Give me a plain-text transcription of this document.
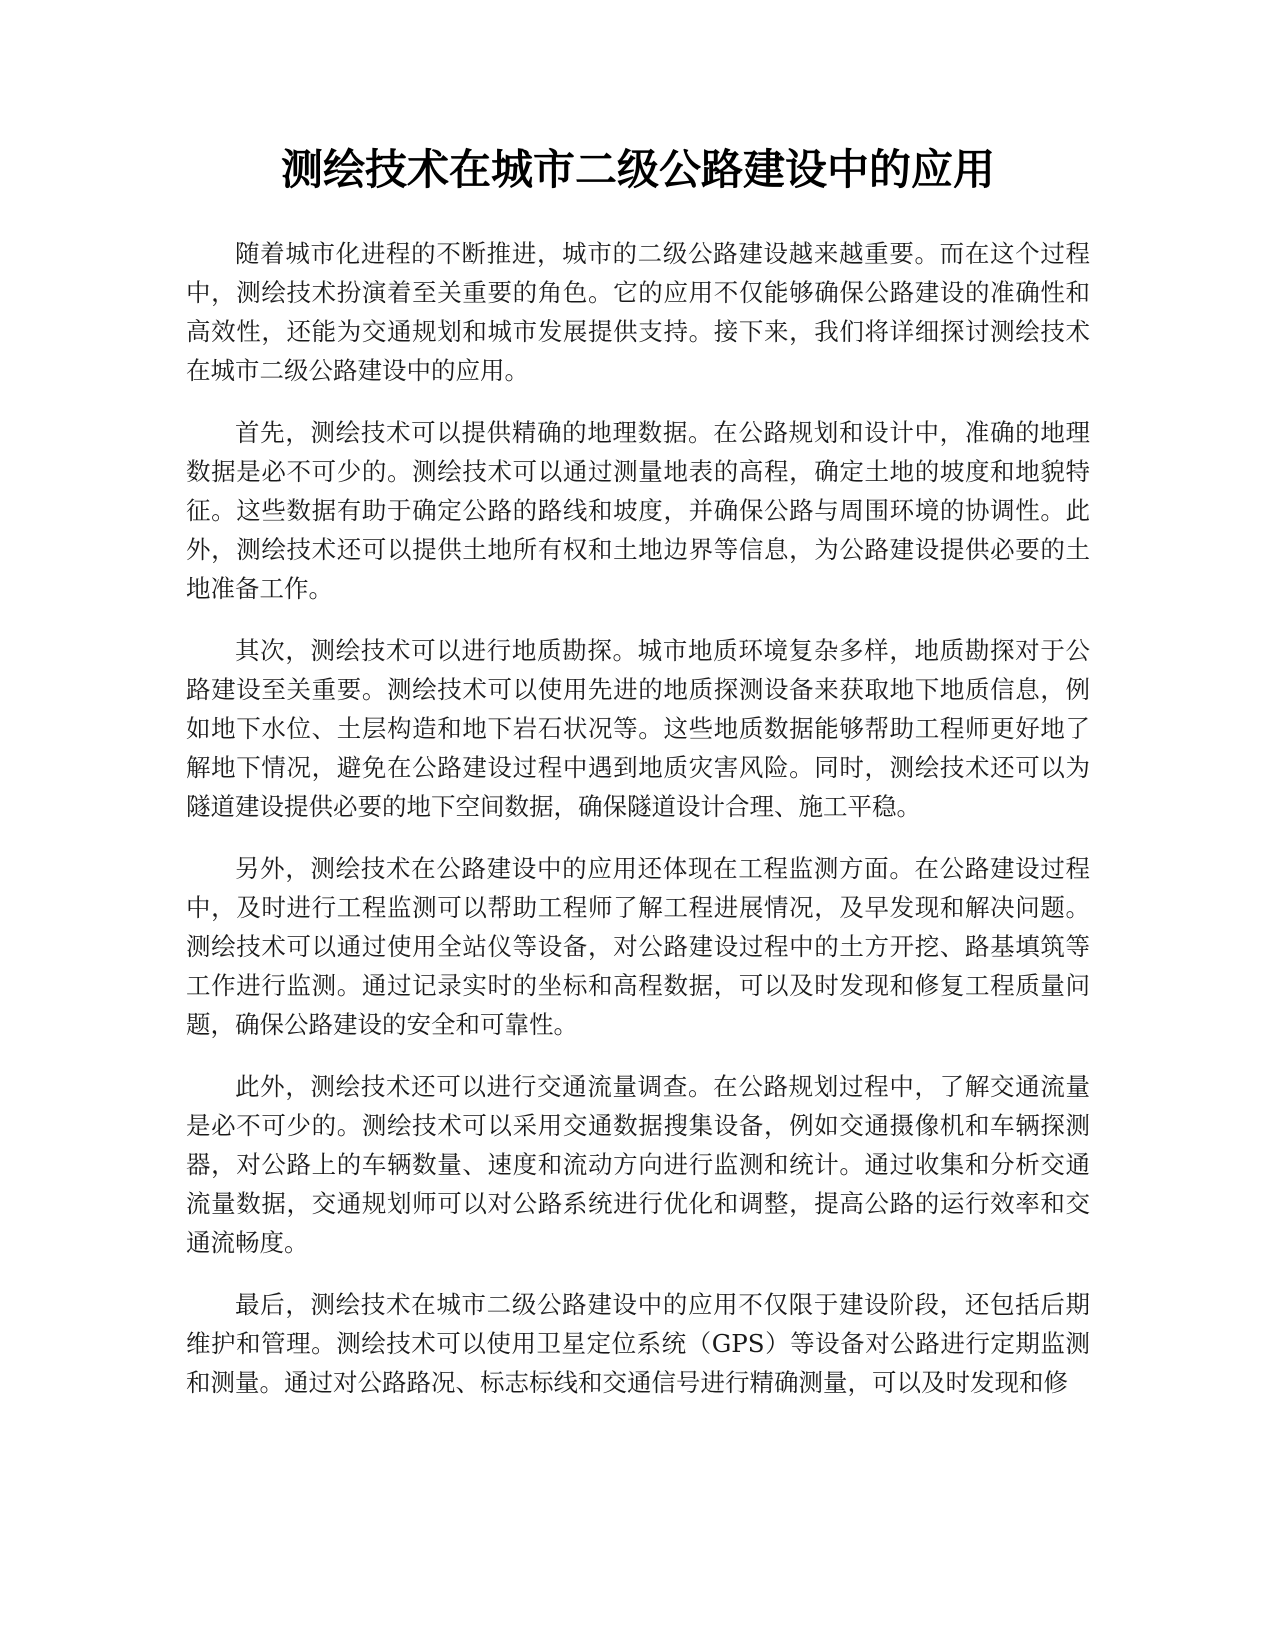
测绘技术在城市二级公路建设中的应用

随着城市化进程的不断推进，城市的二级公路建设越来越重要。而在这个过程中，测绘技术扮演着至关重要的角色。它的应用不仅能够确保公路建设的准确性和高效性，还能为交通规划和城市发展提供支持。接下来，我们将详细探讨测绘技术在城市二级公路建设中的应用。

首先，测绘技术可以提供精确的地理数据。在公路规划和设计中，准确的地理数据是必不可少的。测绘技术可以通过测量地表的高程，确定土地的坡度和地貌特征。这些数据有助于确定公路的路线和坡度，并确保公路与周围环境的协调性。此外，测绘技术还可以提供土地所有权和土地边界等信息，为公路建设提供必要的土地准备工作。

其次，测绘技术可以进行地质勘探。城市地质环境复杂多样，地质勘探对于公路建设至关重要。测绘技术可以使用先进的地质探测设备来获取地下地质信息，例如地下水位、土层构造和地下岩石状况等。这些地质数据能够帮助工程师更好地了解地下情况，避免在公路建设过程中遇到地质灾害风险。同时，测绘技术还可以为隧道建设提供必要的地下空间数据，确保隧道设计合理、施工平稳。

另外，测绘技术在公路建设中的应用还体现在工程监测方面。在公路建设过程中，及时进行工程监测可以帮助工程师了解工程进展情况，及早发现和解决问题。测绘技术可以通过使用全站仪等设备，对公路建设过程中的土方开挖、路基填筑等工作进行监测。通过记录实时的坐标和高程数据，可以及时发现和修复工程质量问题，确保公路建设的安全和可靠性。

此外，测绘技术还可以进行交通流量调查。在公路规划过程中，了解交通流量是必不可少的。测绘技术可以采用交通数据搜集设备，例如交通摄像机和车辆探测器，对公路上的车辆数量、速度和流动方向进行监测和统计。通过收集和分析交通流量数据，交通规划师可以对公路系统进行优化和调整，提高公路的运行效率和交通流畅度。

最后，测绘技术在城市二级公路建设中的应用不仅限于建设阶段，还包括后期维护和管理。测绘技术可以使用卫星定位系统（GPS）等设备对公路进行定期监测和测量。通过对公路路况、标志标线和交通信号进行精确测量，可以及时发现和修
